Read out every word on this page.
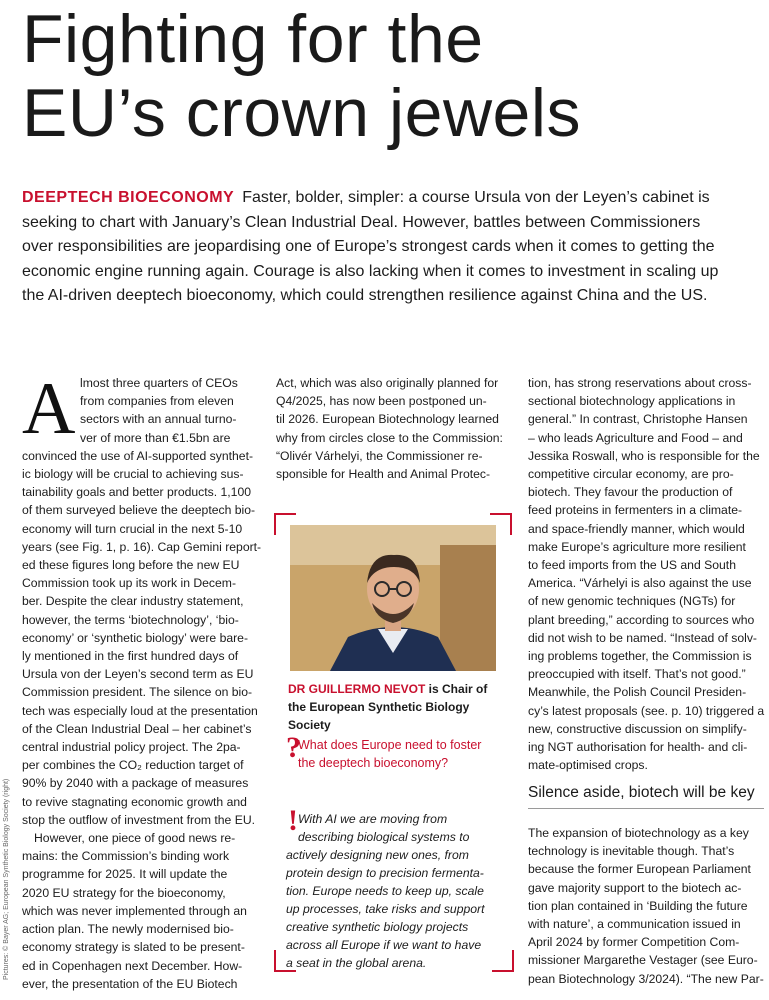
Fighting for the
EU’s crown jewels

DEEPTECH BIOECONOMY Faster, bolder, simpler: a course Ursula von der Leyen’s cabinet is
seeking to chart with January’s Clean Industrial Deal. However, battles between Commissioners
over responsibilities are jeopardising one of Europe’s strongest cards when it comes to getting the
economic engine running again. Courage is also lacking when it comes to investment in scaling up
the AI-driven deeptech bioeconomy, which could strengthen resilience against China and the US.

A lmost three quarters of CEOs
from companies from eleven
sectors with an annual turno-
ver of more than €1.5bn are
convinced the use of AI-supported synthet-
ic biology will be crucial to achieving sus-
tainability goals and better products. 1,100
of them surveyed believe the deeptech bio-
economy will turn crucial in the next 5-10
years (see Fig. 1, p. 16). Cap Gemini report-
ed these figures long before the new EU
Commission took up its work in Decem-
ber. Despite the clear industry statement,
however, the terms ‘biotechnology’, ‘bio-
economy’ or ‘synthetic biology’ were bare-
ly mentioned in the first hundred days of
Ursula von der Leyen’s second term as EU
Commission president. The silence on bio-
tech was especially loud at the presentation
of the Clean Industrial Deal – her cabinet’s
central industrial policy project. The 2pa-
per combines the CO₂ reduction target of
90% by 2040 with a package of measures
to revive stagnating economic growth and
stop the outflow of investment from the EU.
However, one piece of good news re-
mains: the Commission’s binding work
programme for 2025. It will update the
2020 EU strategy for the bioeconomy,
which was never implemented through an
action plan. The newly modernised bio-
economy strategy is slated to be present-
ed in Copenhagen next December. How-
ever, the presentation of the EU Biotech
Act, which was also originally planned for
Q4/2025, has now been postponed un-
til 2026. European Biotechnology learned
why from circles close to the Commission:
“Olivér Várhelyi, the Commissioner re-
sponsible for Health and Animal Protec-
DR GUILLERMO NEVOT is Chair of the European Synthetic Biology Society
?
What does Europe need to foster
the deeptech bioeconomy?
! With AI we are moving from
describing biological systems to
actively designing new ones, from
protein design to precision fermenta-
tion. Europe needs to keep up, scale
up processes, take risks and support
creative synthetic biology projects
across all Europe if we want to have
a seat in the global arena.
tion, has strong reservations about cross-
sectional biotechnology applications in
general.” In contrast, Christophe Hansen
– who leads Agriculture and Food – and
Jessika Roswall, who is responsible for the
competitive circular economy, are pro-
biotech. They favour the production of
feed proteins in fermenters in a climate-
and space-friendly manner, which would
make Europe’s agriculture more resilient
to feed imports from the US and South
America. “Várhelyi is also against the use
of new genomic techniques (NGTs) for
plant breeding,” according to sources who
did not wish to be named. “Instead of solv-
ing problems together, the Commission is
preoccupied with itself. That’s not good.”
Meanwhile, the Polish Council Presiden-
cy’s latest proposals (see. p. 10) triggered a
new, constructive discussion on simplify-
ing NGT authorisation for health- and cli-
mate-optimised crops.
Silence aside, biotech will be key
The expansion of biotechnology as a key
technology is inevitable though. That’s
because the former European Parliament
gave majority support to the biotech ac-
tion plan contained in ‘Building the future
with nature’, a communication issued in
April 2024 by former Competition Com-
missioner Margarethe Vestager (see Euro-
pean Biotechnology 3/2024). “The new Par-
Pictures: © Bayer AG; European Synthetic Biology Society (right)
